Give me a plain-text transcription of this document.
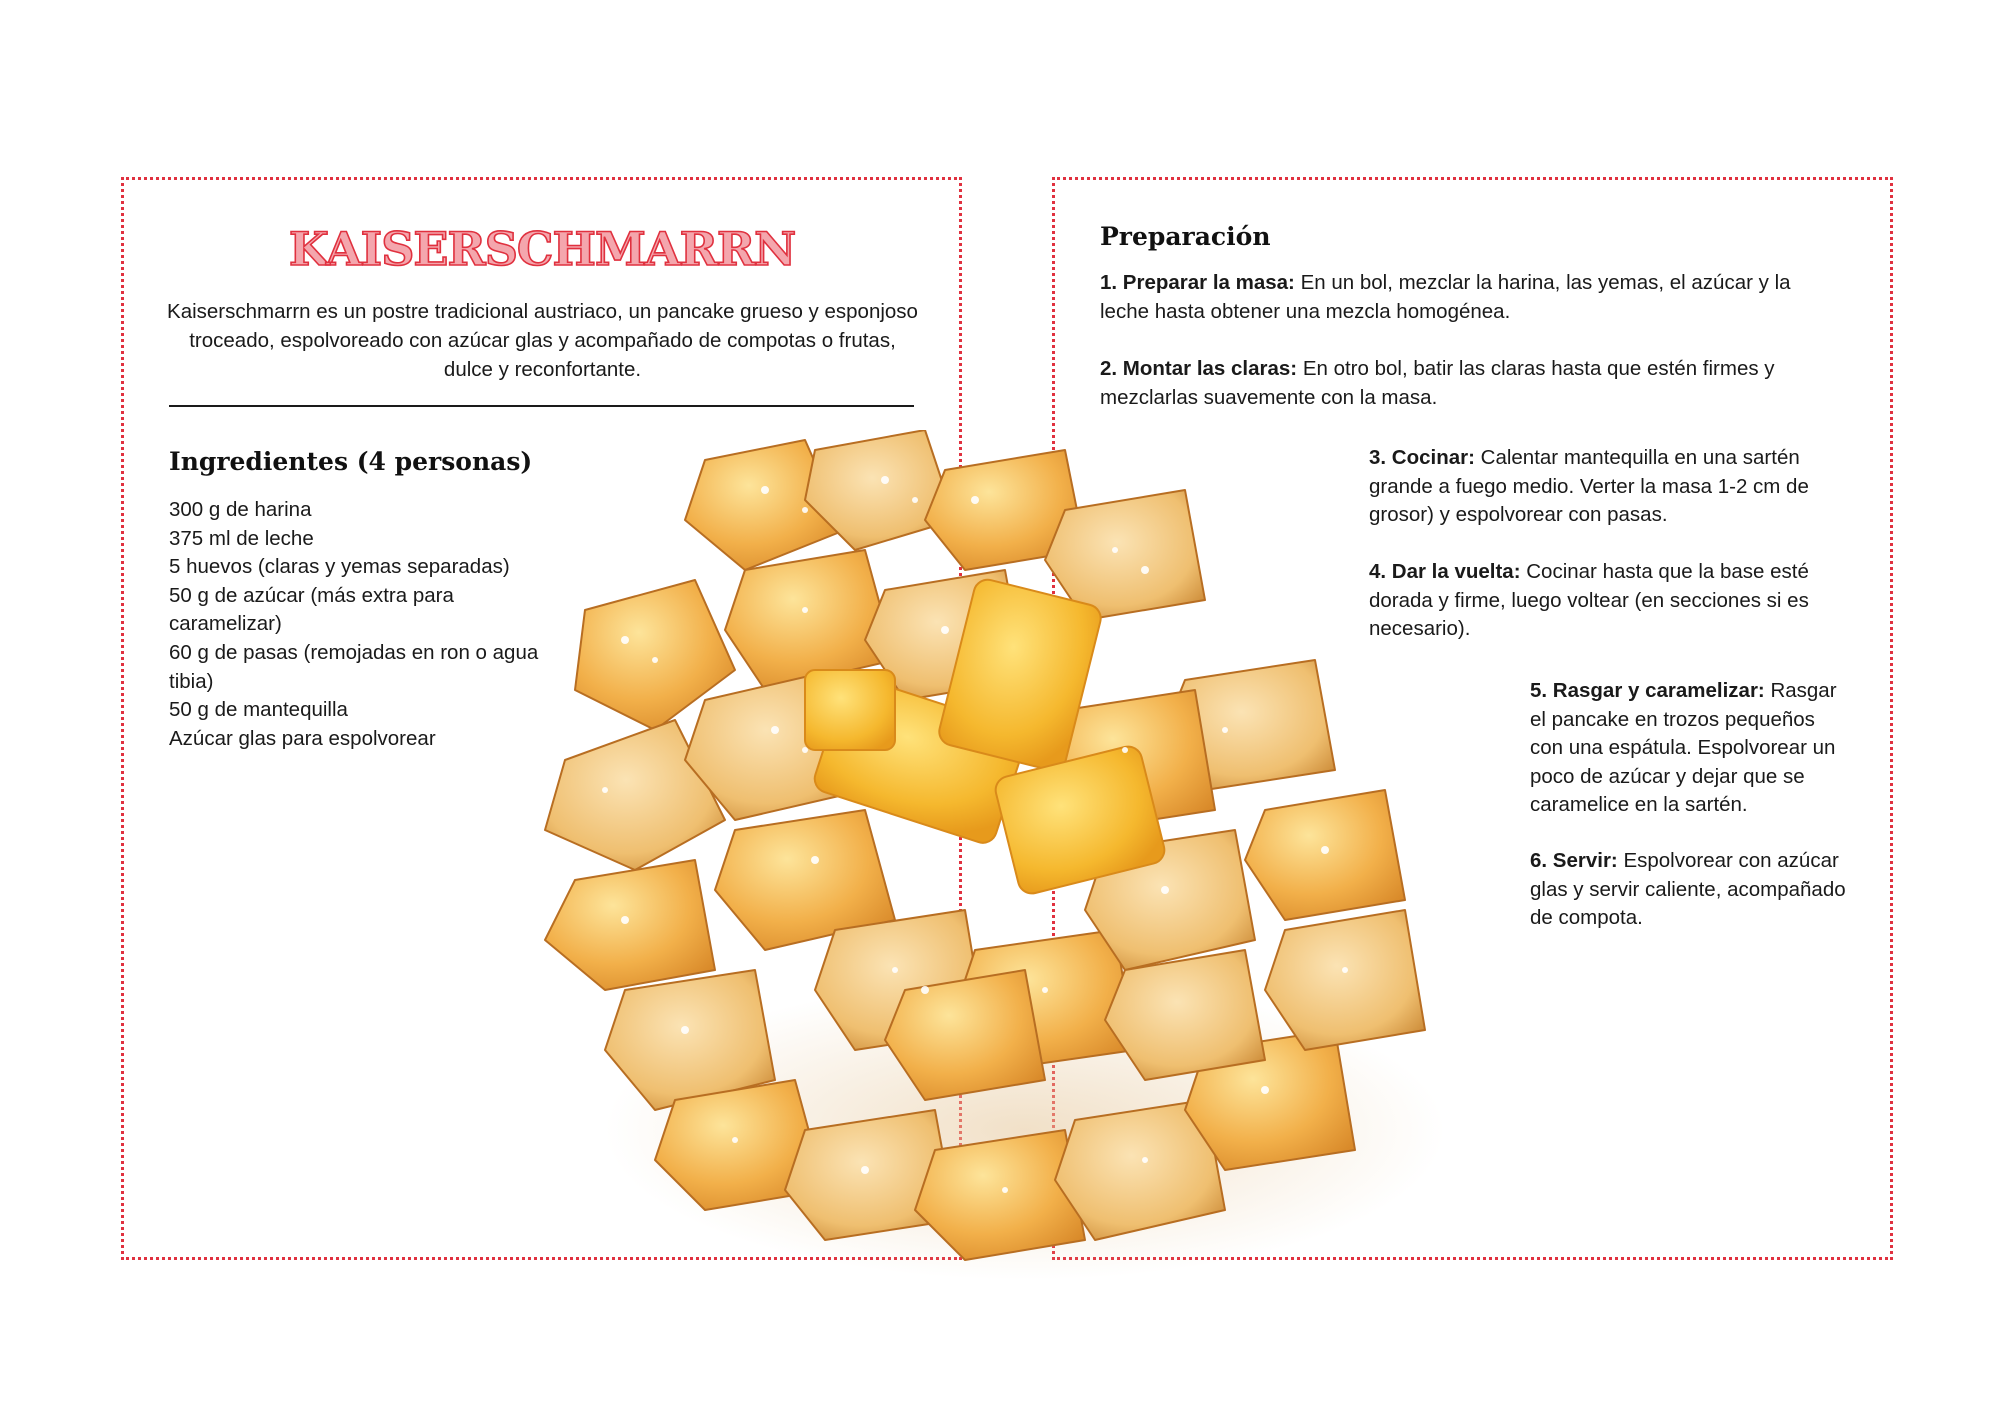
KAISERSCHMARRN
Kaiserschmarrn es un postre tradicional austriaco, un pancake grueso y esponjoso troceado, espolvoreado con azúcar glas y acompañado de compotas o frutas, dulce y reconfortante.
Ingredientes (4 personas)
300 g de harina
375 ml de leche
5 huevos (claras y yemas separadas)
50 g de azúcar (más extra para caramelizar)
60 g de pasas (remojadas en ron o agua tibia)
50 g de mantequilla
Azúcar glas para espolvorear
Preparación
1. Preparar la masa: En un bol, mezclar la harina, las yemas, el azúcar y la leche hasta obtener una mezcla homogénea.
2. Montar las claras: En otro bol, batir las claras hasta que estén firmes y mezclarlas suavemente con la masa.
3. Cocinar: Calentar mantequilla en una sartén grande a fuego medio. Verter la masa 1-2 cm de grosor) y espolvorear con pasas.
4. Dar la vuelta: Cocinar hasta que la base esté dorada y firme, luego voltear (en secciones si es necesario).
5. Rasgar y caramelizar: Rasgar el pancake en trozos pequeños con una espátula. Espolvorear un poco de azúcar y dejar que se caramelice en la sartén.
6. Servir: Espolvorear con azúcar glas y servir caliente, acompañado de compota.
